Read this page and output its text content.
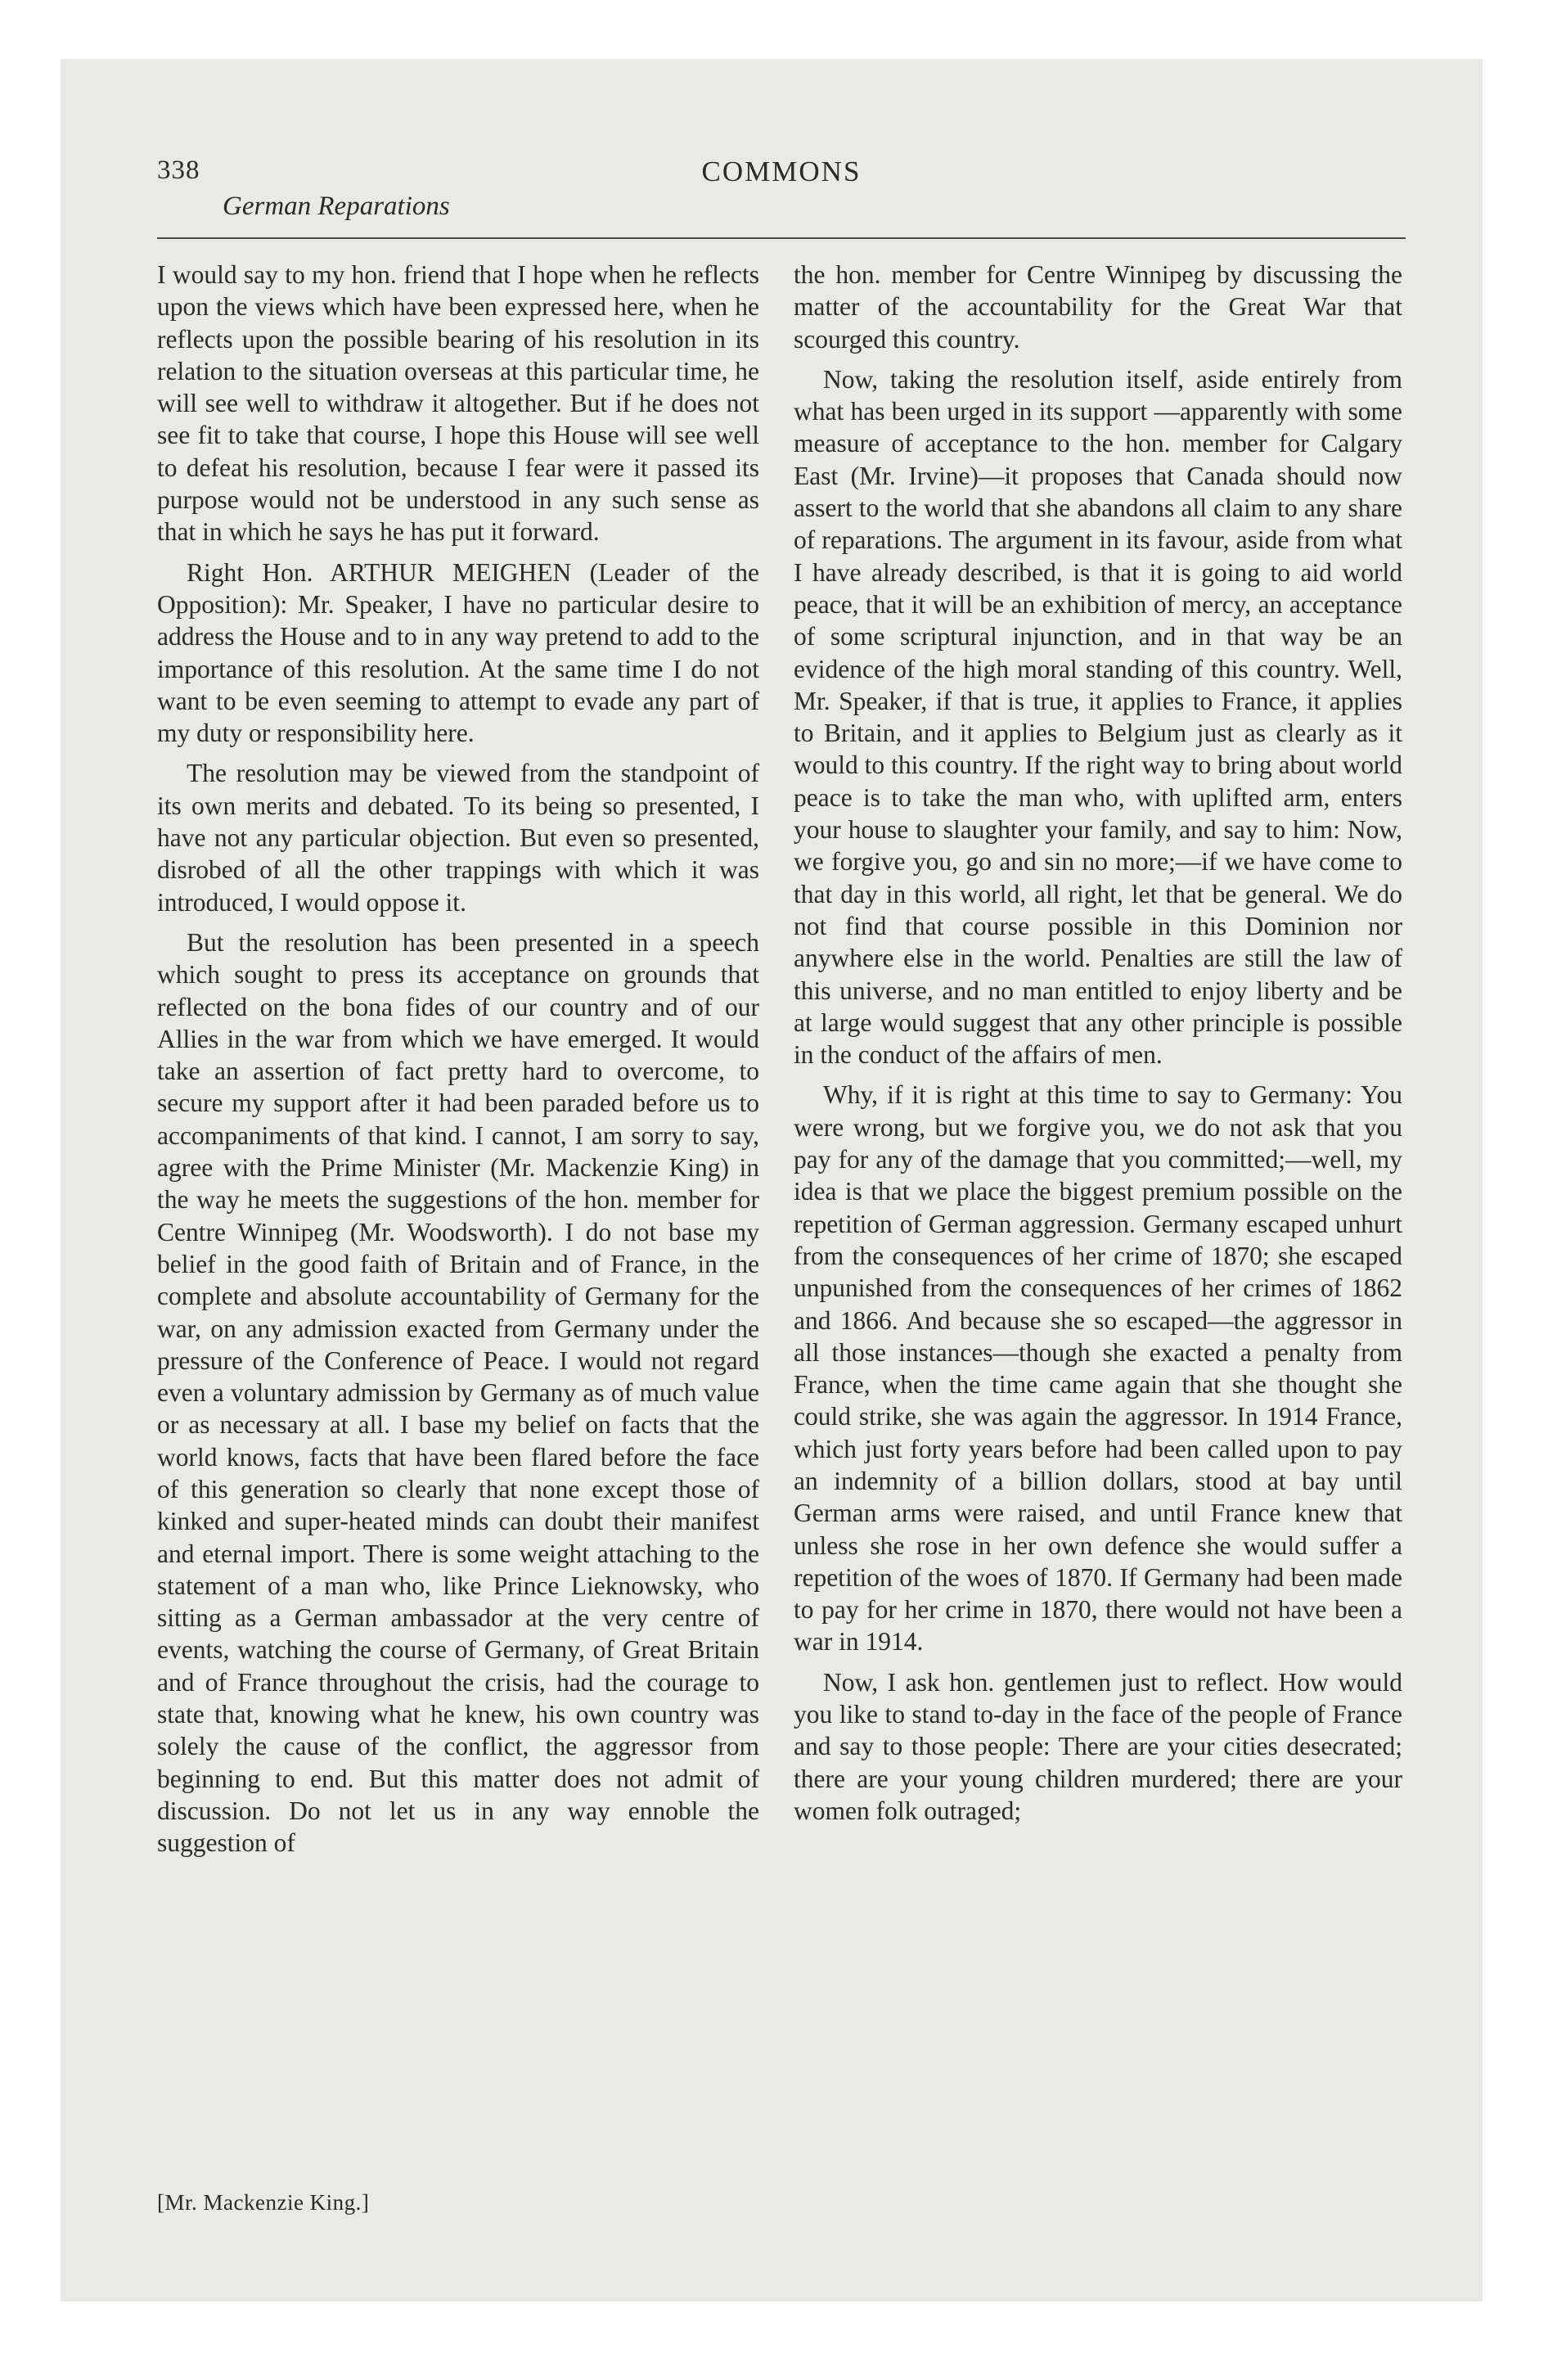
338	COMMONS
German Reparations

I would say to my hon. friend that I hope when he reflects upon the views which have been expressed here, when he reflects upon the possible bearing of his resolution in its relation to the situation overseas at this particular time, he will see well to withdraw it altogether. But if he does not see fit to take that course, I hope this House will see well to defeat his resolution, because I fear were it passed its purpose would not be understood in any such sense as that in which he says he has put it forward.

Right Hon. ARTHUR MEIGHEN (Leader of the Opposition): Mr. Speaker, I have no particular desire to address the House and to in any way pretend to add to the importance of this resolution. At the same time I do not want to be even seeming to attempt to evade any part of my duty or responsibility here.

The resolution may be viewed from the standpoint of its own merits and debated. To its being so presented, I have not any particular objection. But even so presented, disrobed of all the other trappings with which it was introduced, I would oppose it.

But the resolution has been presented in a speech which sought to press its acceptance on grounds that reflected on the bona fides of our country and of our Allies in the war from which we have emerged. It would take an assertion of fact pretty hard to overcome, to secure my support after it had been paraded before us to accompaniments of that kind. I cannot, I am sorry to say, agree with the Prime Minister (Mr. Mackenzie King) in the way he meets the suggestions of the hon. member for Centre Winnipeg (Mr. Woodsworth). I do not base my belief in the good faith of Britain and of France, in the complete and absolute accountability of Germany for the war, on any admission exacted from Germany under the pressure of the Conference of Peace. I would not regard even a voluntary admission by Germany as of much value or as necessary at all. I base my belief on facts that the world knows, facts that have been flared before the face of this generation so clearly that none except those of kinked and super-heated minds can doubt their manifest and eternal import. There is some weight attaching to the statement of a man who, like Prince Lieknowsky, who sitting as a German ambassador at the very centre of events, watching the course of Germany, of Great Britain and of France throughout the crisis, had the courage to state that, knowing what he knew, his own country was solely the cause of the conflict, the aggressor from beginning to end. But this matter does not admit of discussion. Do not let us in any way ennoble the suggestion of

the hon. member for Centre Winnipeg by discussing the matter of the accountability for the Great War that scourged this country.

Now, taking the resolution itself, aside entirely from what has been urged in its support —apparently with some measure of acceptance to the hon. member for Calgary East (Mr. Irvine)—it proposes that Canada should now assert to the world that she abandons all claim to any share of reparations. The argument in its favour, aside from what I have already described, is that it is going to aid world peace, that it will be an exhibition of mercy, an acceptance of some scriptural injunction, and in that way be an evidence of the high moral standing of this country. Well, Mr. Speaker, if that is true, it applies to France, it applies to Britain, and it applies to Belgium just as clearly as it would to this country. If the right way to bring about world peace is to take the man who, with uplifted arm, enters your house to slaughter your family, and say to him: Now, we forgive you, go and sin no more;—if we have come to that day in this world, all right, let that be general. We do not find that course possible in this Dominion nor anywhere else in the world. Penalties are still the law of this universe, and no man entitled to enjoy liberty and be at large would suggest that any other principle is possible in the conduct of the affairs of men.

Why, if it is right at this time to say to Germany: You were wrong, but we forgive you, we do not ask that you pay for any of the damage that you committed;—well, my idea is that we place the biggest premium possible on the repetition of German aggression. Germany escaped unhurt from the consequences of her crime of 1870; she escaped unpunished from the consequences of her crimes of 1862 and 1866. And because she so escaped—the aggressor in all those instances—though she exacted a penalty from France, when the time came again that she thought she could strike, she was again the aggressor. In 1914 France, which just forty years before had been called upon to pay an indemnity of a billion dollars, stood at bay until German arms were raised, and until France knew that unless she rose in her own defence she would suffer a repetition of the woes of 1870. If Germany had been made to pay for her crime in 1870, there would not have been a war in 1914.

Now, I ask hon. gentlemen just to reflect. How would you like to stand to-day in the face of the people of France and say to those people: There are your cities desecrated; there are your young children murdered; there are your women folk outraged;

[Mr. Mackenzie King.]
